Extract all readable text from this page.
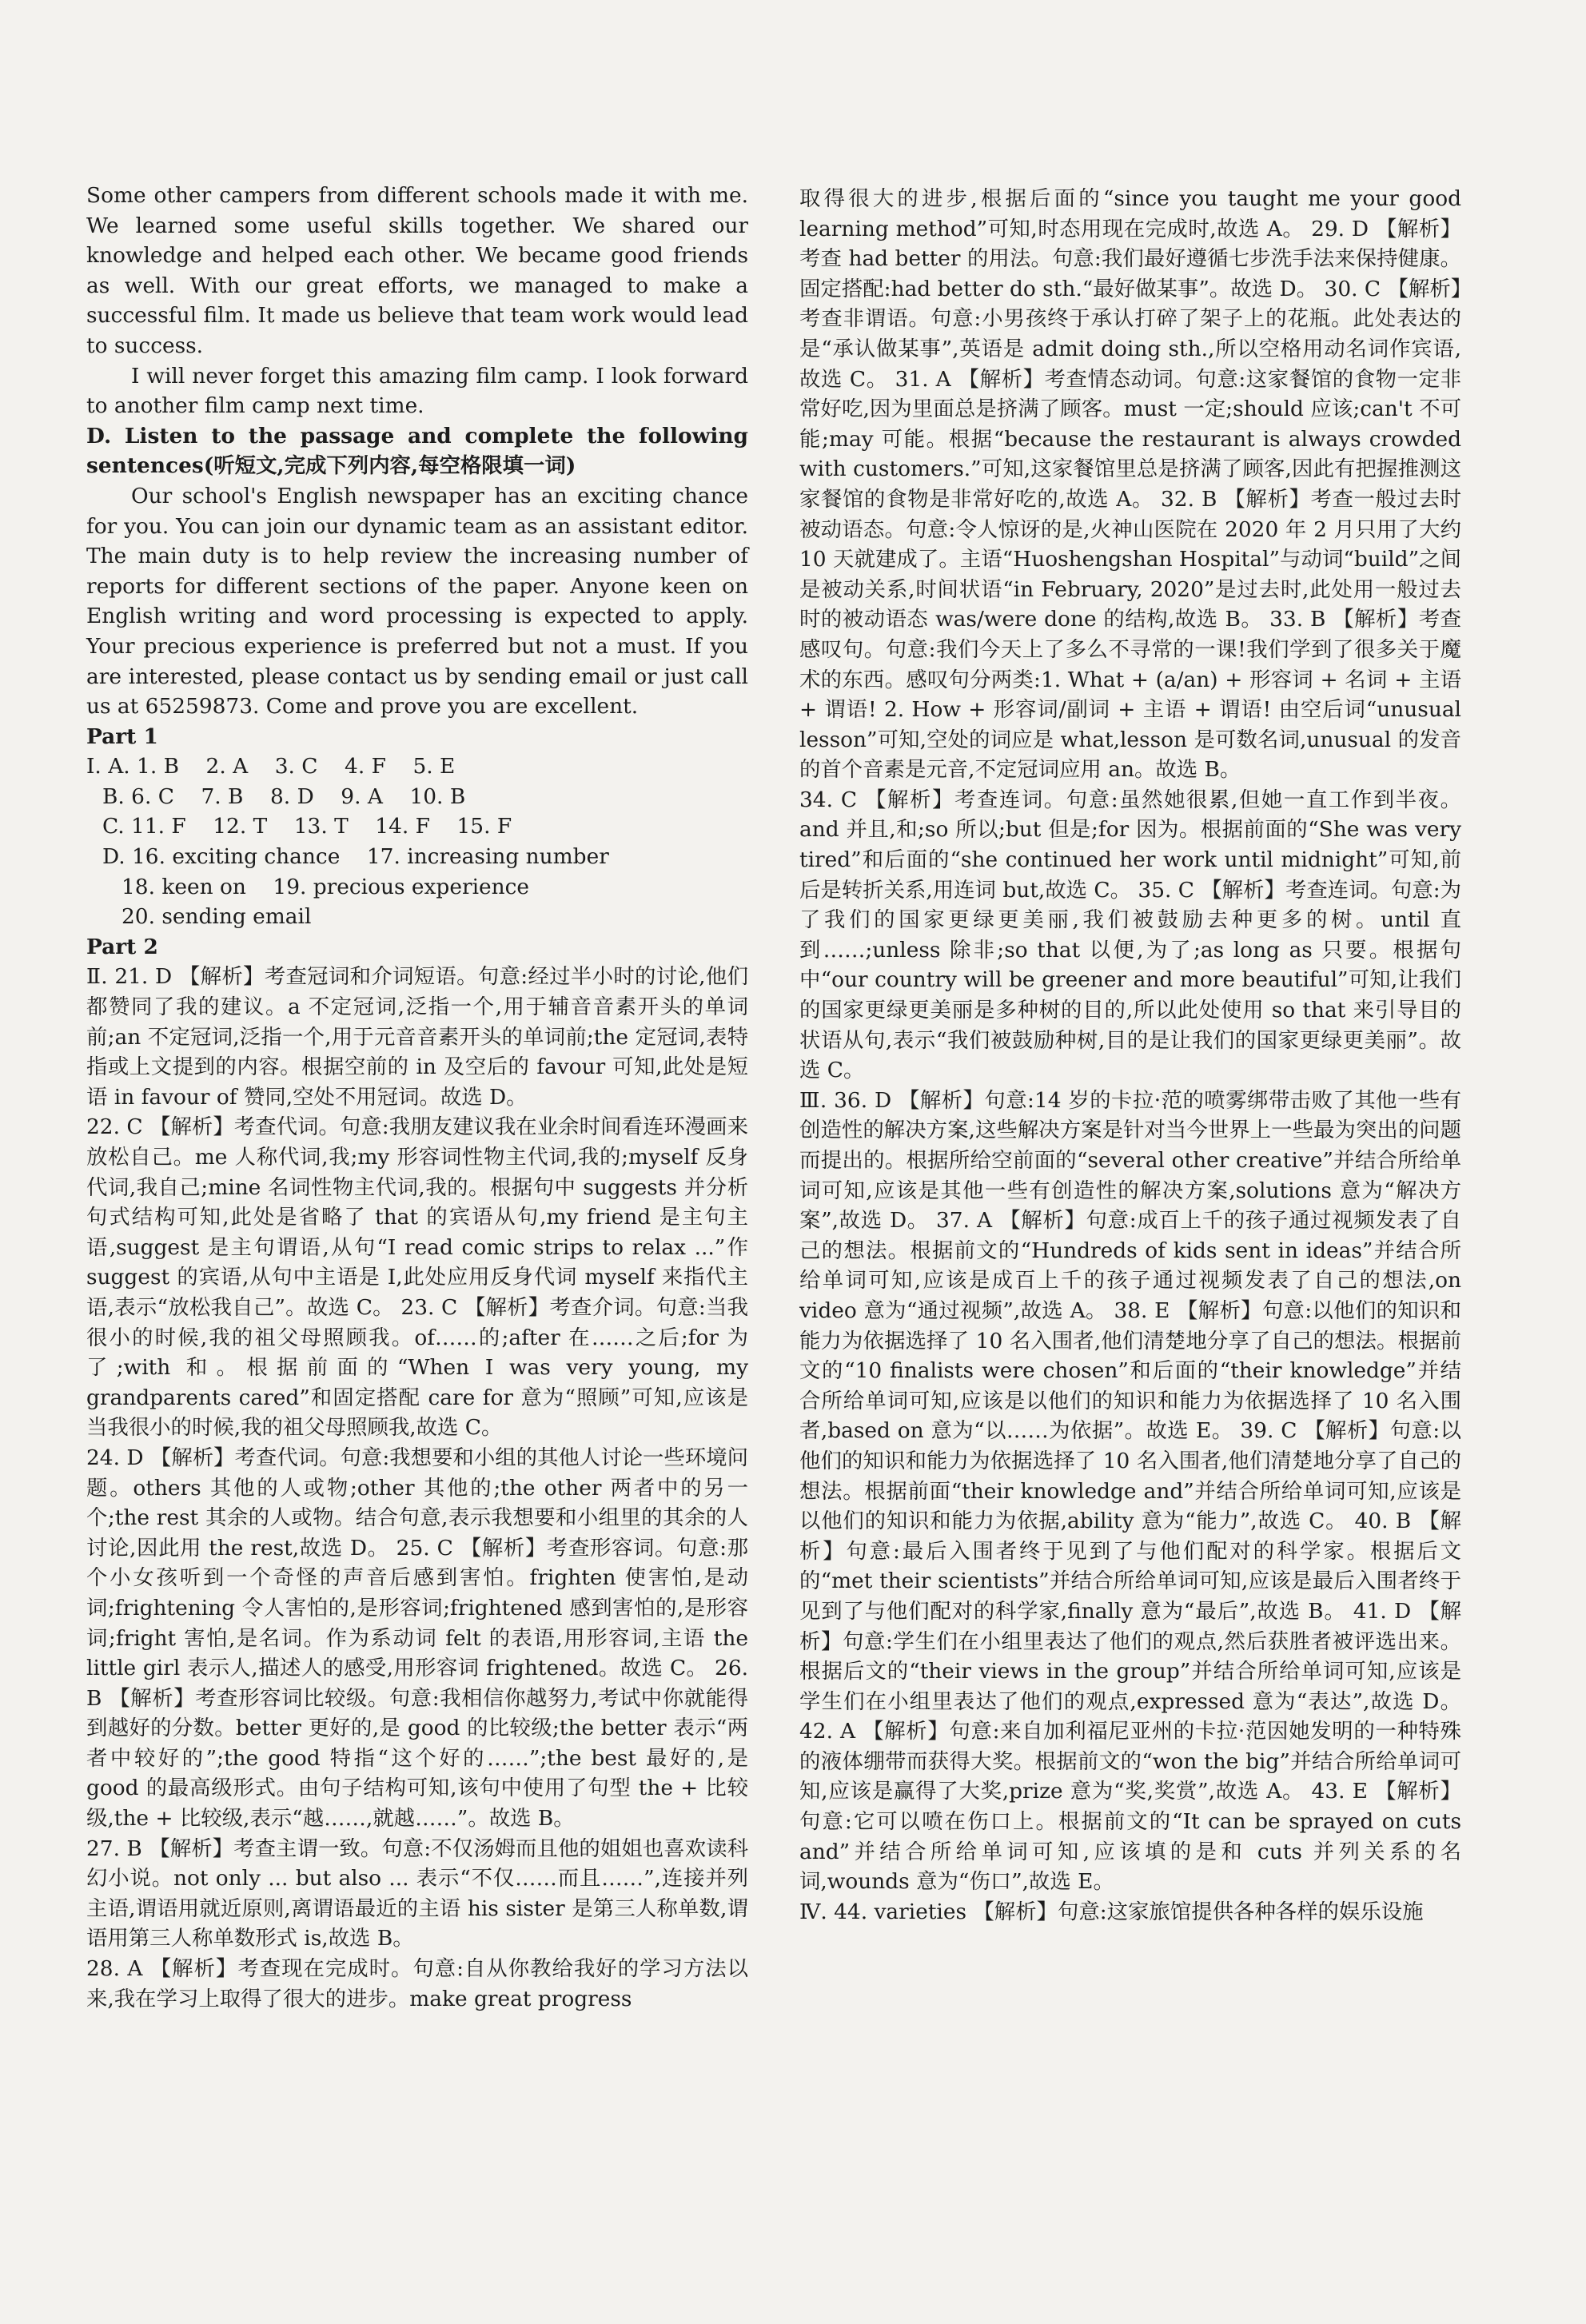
Some other campers from different schools made it with me. We learned some useful skills together. We shared our knowledge and helped each other. We became good friends as well. With our great efforts, we managed to make a successful film. It made us believe that team work would lead to success.

I will never forget this amazing film camp. I look forward to another film camp next time.

D. Listen to the passage and complete the following sentences(听短文,完成下列内容,每空格限填一词)

Our school's English newspaper has an exciting chance for you. You can join our dynamic team as an assistant editor. The main duty is to help review the increasing number of reports for different sections of the paper. Anyone keen on English writing and word processing is expected to apply. Your precious experience is preferred but not a must. If you are interested, please contact us by sending email or just call us at 65259873. Come and prove you are excellent.

Part 1

Ⅰ. A. 1. B    2. A    3. C    4. F    5. E

B. 6. C    7. B    8. D    9. A    10. B

C. 11. F    12. T    13. T    14. F    15. F

D. 16. exciting chance    17. increasing number

18. keen on    19. precious experience

20. sending email

Part 2

Ⅱ. 21. D 【解析】考查冠词和介词短语。句意:经过半小时的讨论,他们都赞同了我的建议。a 不定冠词,泛指一个,用于辅音音素开头的单词前;an 不定冠词,泛指一个,用于元音音素开头的单词前;the 定冠词,表特指或上文提到的内容。根据空前的 in 及空后的 favour 可知,此处是短语 in favour of 赞同,空处不用冠词。故选 D。
22. C 【解析】考查代词。句意:我朋友建议我在业余时间看连环漫画来放松自己。me 人称代词,我;my 形容词性物主代词,我的;myself 反身代词,我自己;mine 名词性物主代词,我的。根据句中 suggests 并分析句式结构可知,此处是省略了 that 的宾语从句,my friend 是主句主语,suggest 是主句谓语,从句“I read comic strips to relax ...”作 suggest 的宾语,从句中主语是 I,此处应用反身代词 myself 来指代主语,表示“放松我自己”。故选 C。 23. C 【解析】考查介词。句意:当我很小的时候,我的祖父母照顾我。of……的;after 在……之后;for 为了;with 和。根据前面的“When I was very young, my grandparents cared”和固定搭配 care for 意为“照顾”可知,应该是当我很小的时候,我的祖父母照顾我,故选 C。
24. D 【解析】考查代词。句意:我想要和小组的其他人讨论一些环境问题。others 其他的人或物;other 其他的;the other 两者中的另一个;the rest 其余的人或物。结合句意,表示我想要和小组里的其余的人讨论,因此用 the rest,故选 D。 25. C 【解析】考查形容词。句意:那个小女孩听到一个奇怪的声音后感到害怕。frighten 使害怕,是动词;frightening 令人害怕的,是形容词;frightened 感到害怕的,是形容词;fright 害怕,是名词。作为系动词 felt 的表语,用形容词,主语 the little girl 表示人,描述人的感受,用形容词 frightened。故选 C。 26. B 【解析】考查形容词比较级。句意:我相信你越努力,考试中你就能得到越好的分数。better 更好的,是 good 的比较级;the better 表示“两者中较好的”;the good 特指“这个好的……”;the best 最好的,是 good 的最高级形式。由句子结构可知,该句中使用了句型 the + 比较级,the + 比较级,表示“越……,就越……”。故选 B。
27. B 【解析】考查主谓一致。句意:不仅汤姆而且他的姐姐也喜欢读科幻小说。not only ... but also ... 表示“不仅……而且……”,连接并列主语,谓语用就近原则,离谓语最近的主语 his sister 是第三人称单数,谓语用第三人称单数形式 is,故选 B。
28. A 【解析】考查现在完成时。句意:自从你教给我好的学习方法以来,我在学习上取得了很大的进步。make great progress

取得很大的进步,根据后面的“since you taught me your good learning method”可知,时态用现在完成时,故选 A。 29. D 【解析】考查 had better 的用法。句意:我们最好遵循七步洗手法来保持健康。固定搭配:had better do sth.“最好做某事”。故选 D。 30. C 【解析】考查非谓语。句意:小男孩终于承认打碎了架子上的花瓶。此处表达的是“承认做某事”,英语是 admit doing sth.,所以空格用动名词作宾语,故选 C。 31. A 【解析】考查情态动词。句意:这家餐馆的食物一定非常好吃,因为里面总是挤满了顾客。must 一定;should 应该;can't 不可能;may 可能。根据“because the restaurant is always crowded with customers.”可知,这家餐馆里总是挤满了顾客,因此有把握推测这家餐馆的食物是非常好吃的,故选 A。 32. B 【解析】考查一般过去时被动语态。句意:令人惊讶的是,火神山医院在 2020 年 2 月只用了大约 10 天就建成了。主语“Huoshengshan Hospital”与动词“build”之间是被动关系,时间状语“in February, 2020”是过去时,此处用一般过去时的被动语态 was/were done 的结构,故选 B。 33. B 【解析】考查感叹句。句意:我们今天上了多么不寻常的一课!我们学到了很多关于魔术的东西。感叹句分两类:1. What + (a/an) + 形容词 + 名词 + 主语 + 谓语! 2. How + 形容词/副词 + 主语 + 谓语! 由空后词“unusual lesson”可知,空处的词应是 what,lesson 是可数名词,unusual 的发音的首个音素是元音,不定冠词应用 an。故选 B。
34. C 【解析】考查连词。句意:虽然她很累,但她一直工作到半夜。and 并且,和;so 所以;but 但是;for 因为。根据前面的“She was very tired”和后面的“she continued her work until midnight”可知,前后是转折关系,用连词 but,故选 C。 35. C 【解析】考查连词。句意:为了我们的国家更绿更美丽,我们被鼓励去种更多的树。until 直到……;unless 除非;so that 以便,为了;as long as 只要。根据句中“our country will be greener and more beautiful”可知,让我们的国家更绿更美丽是多种树的目的,所以此处使用 so that 来引导目的状语从句,表示“我们被鼓励种树,目的是让我们的国家更绿更美丽”。故选 C。
Ⅲ. 36. D 【解析】句意:14 岁的卡拉·范的喷雾绑带击败了其他一些有创造性的解决方案,这些解决方案是针对当今世界上一些最为突出的问题而提出的。根据所给空前面的“several other creative”并结合所给单词可知,应该是其他一些有创造性的解决方案,solutions 意为“解决方案”,故选 D。 37. A 【解析】句意:成百上千的孩子通过视频发表了自己的想法。根据前文的“Hundreds of kids sent in ideas”并结合所给单词可知,应该是成百上千的孩子通过视频发表了自己的想法,on video 意为“通过视频”,故选 A。 38. E 【解析】句意:以他们的知识和能力为依据选择了 10 名入围者,他们清楚地分享了自己的想法。根据前文的“10 finalists were chosen”和后面的“their knowledge”并结合所给单词可知,应该是以他们的知识和能力为依据选择了 10 名入围者,based on 意为“以……为依据”。故选 E。 39. C 【解析】句意:以他们的知识和能力为依据选择了 10 名入围者,他们清楚地分享了自己的想法。根据前面“their knowledge and”并结合所给单词可知,应该是以他们的知识和能力为依据,ability 意为“能力”,故选 C。 40. B 【解析】句意:最后入围者终于见到了与他们配对的科学家。根据后文的“met their scientists”并结合所给单词可知,应该是最后入围者终于见到了与他们配对的科学家,finally 意为“最后”,故选 B。 41. D 【解析】句意:学生们在小组里表达了他们的观点,然后获胜者被评选出来。根据后文的“their views in the group”并结合所给单词可知,应该是学生们在小组里表达了他们的观点,expressed 意为“表达”,故选 D。 42. A 【解析】句意:来自加利福尼亚州的卡拉·范因她发明的一种特殊的液体绷带而获得大奖。根据前文的“won the big”并结合所给单词可知,应该是赢得了大奖,prize 意为“奖,奖赏”,故选 A。 43. E 【解析】句意:它可以喷在伤口上。根据前文的“It can be sprayed on cuts and”并结合所给单词可知,应该填的是和 cuts 并列关系的名词,wounds 意为“伤口”,故选 E。
Ⅳ. 44. varieties 【解析】句意:这家旅馆提供各种各样的娱乐设施
